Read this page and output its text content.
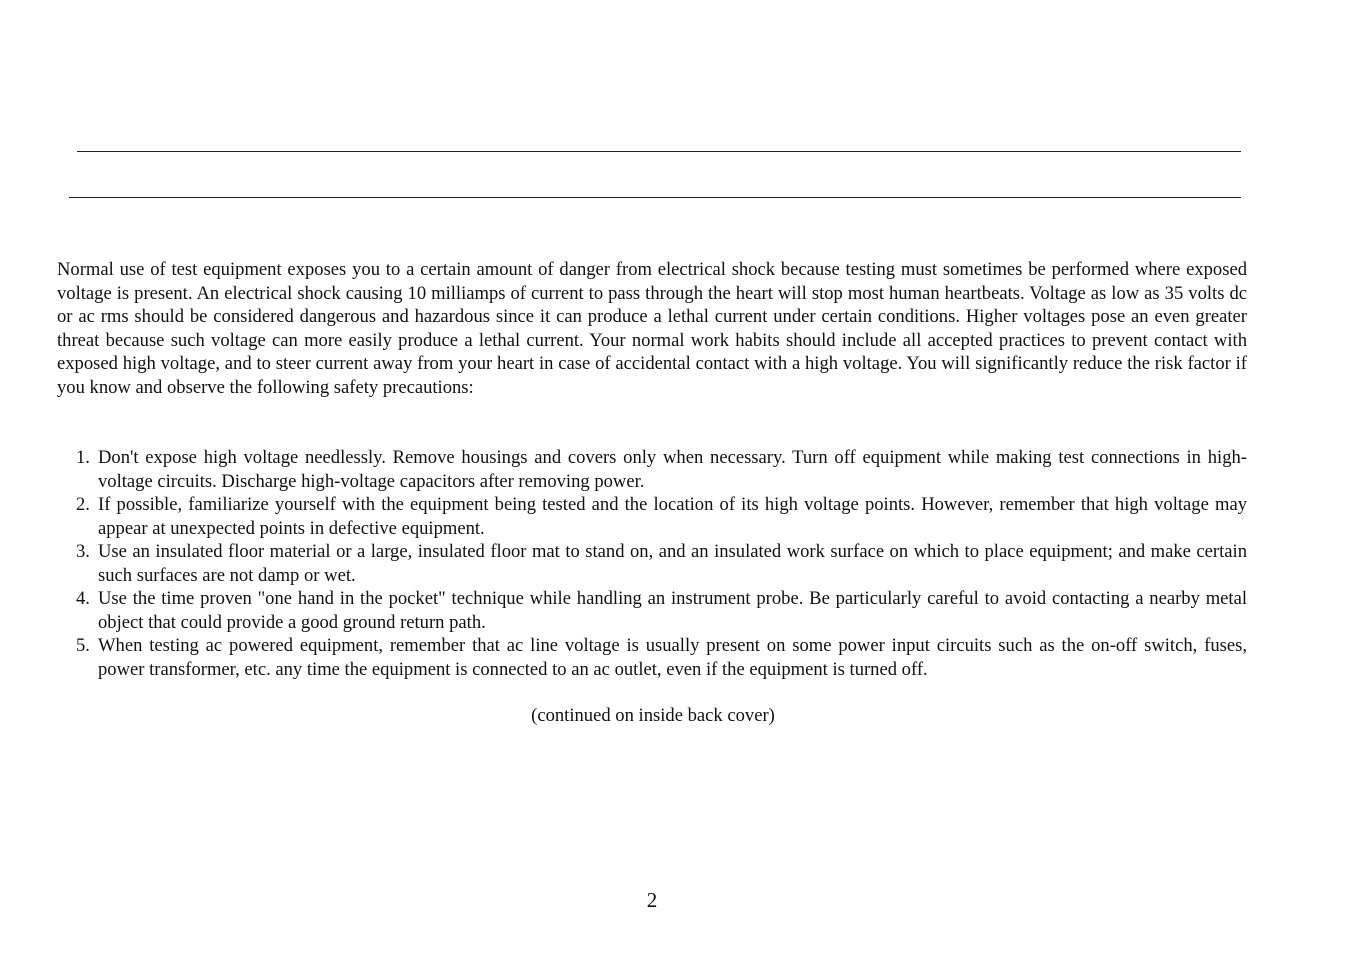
Normal use of test equipment exposes you to a certain amount of danger from electrical shock because testing must sometimes be performed where exposed voltage is present. An electrical shock causing 10 milliamps of current to pass through the heart will stop most human heartbeats. Voltage as low as 35 volts dc or ac rms should be considered dangerous and hazardous since it can produce a lethal current under certain conditions. Higher voltages pose an even greater threat because such voltage can more easily produce a lethal current. Your normal work habits should include all accepted practices to prevent contact with exposed high voltage, and to steer current away from your heart in case of accidental contact with a high voltage. You will significantly reduce the risk factor if you know and observe the following safety precautions:

1. Don't expose high voltage needlessly. Remove housings and covers only when necessary. Turn off equipment while making test connections in high-voltage circuits. Discharge high-voltage capacitors after removing power.
2. If possible, familiarize yourself with the equipment being tested and the location of its high voltage points. However, remember that high voltage may appear at unexpected points in defective equipment.
3. Use an insulated floor material or a large, insulated floor mat to stand on, and an insulated work surface on which to place equipment; and make certain such surfaces are not damp or wet.
4. Use the time proven "one hand in the pocket" technique while handling an instrument probe. Be particularly careful to avoid contacting a nearby metal object that could provide a good ground return path.
5. When testing ac powered equipment, remember that ac line voltage is usually present on some power input circuits such as the on-off switch, fuses, power transformer, etc. any time the equipment is connected to an ac outlet, even if the equipment is turned off.
(continued on inside back cover)
2
